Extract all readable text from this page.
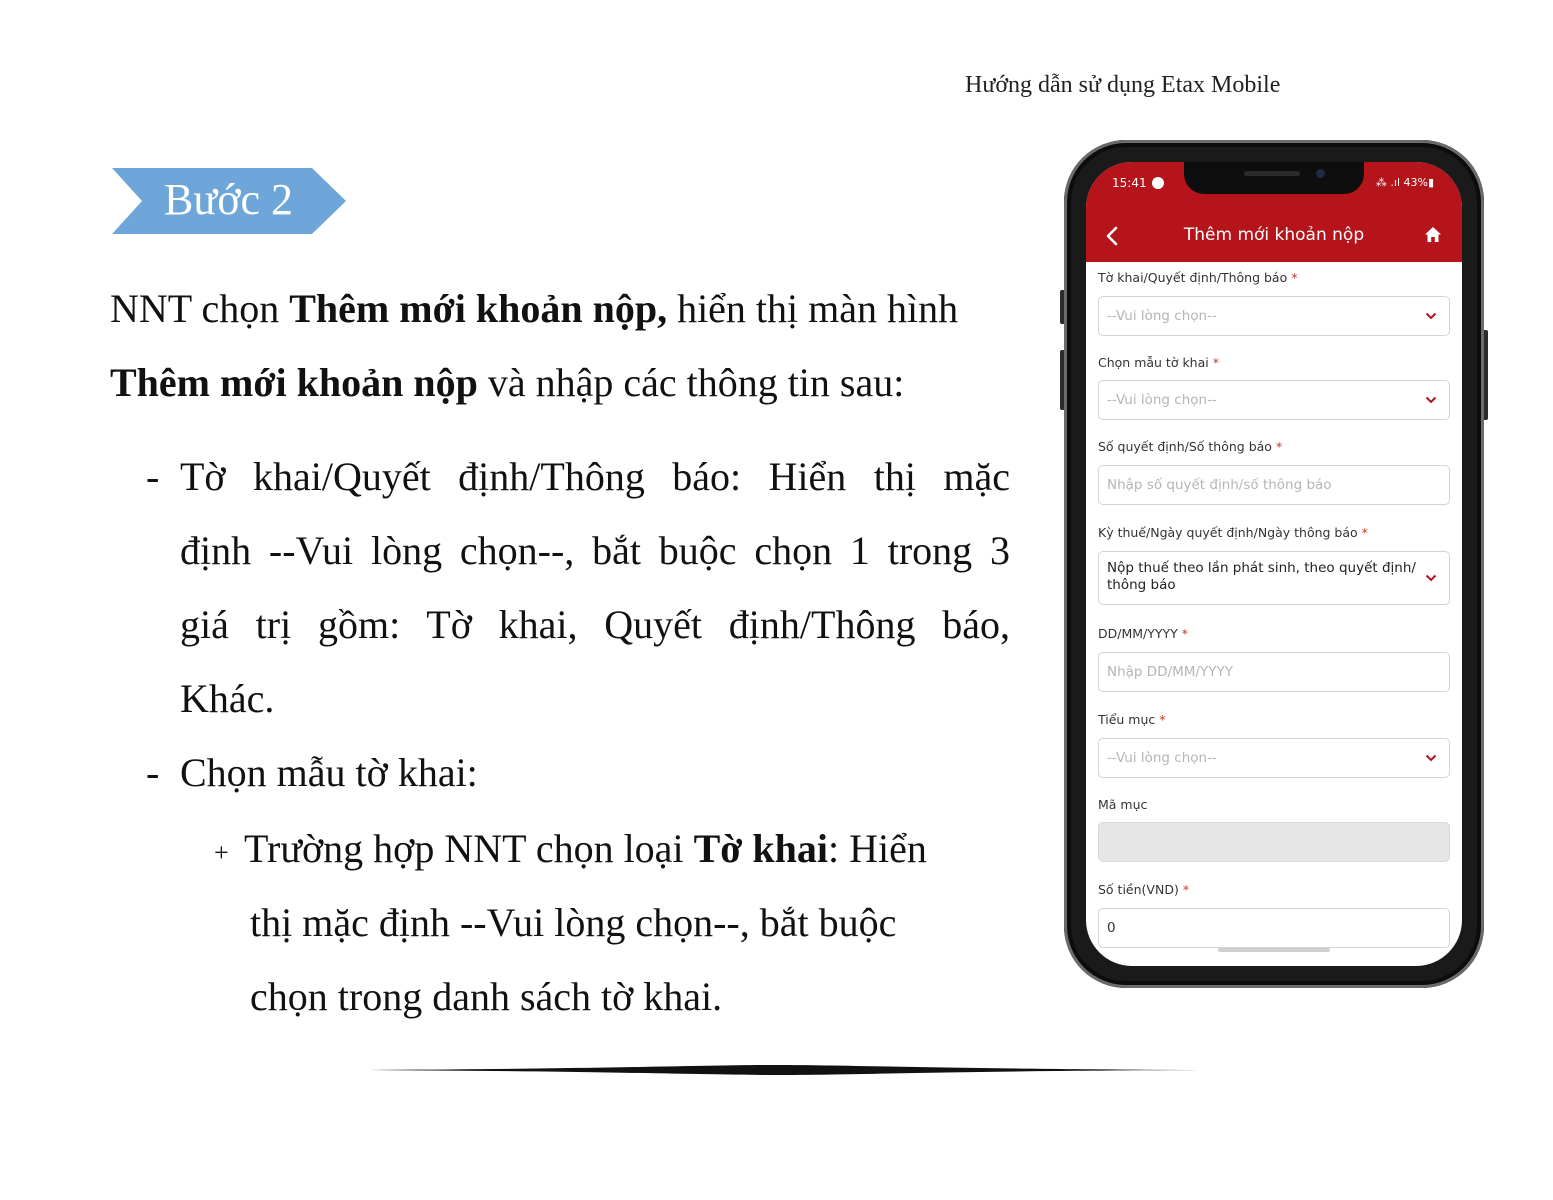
Hướng dẫn sử dụng Etax Mobile
Bước 2
NNT chọn Thêm mới khoản nộp, hiển thị màn hình
Thêm mới khoản nộp và nhập các thông tin sau:
- Tờ khai/Quyết định/Thông báo: Hiển thị mặc
định --Vui lòng chọn--, bắt buộc chọn 1 trong 3
giá trị gồm: Tờ khai, Quyết định/Thông báo,
Khác.
- Chọn mẫu tờ khai:
+ Trường hợp NNT chọn loại Tờ khai: Hiển
thị mặc định --Vui lòng chọn--, bắt buộc
chọn trong danh sách tờ khai.
15:41	⁂ .ıl 43%▮
Thêm mới khoản nộp
Tờ khai/Quyết định/Thông báo *
--Vui lòng chọn--
Chọn mẫu tờ khai *
--Vui lòng chọn--
Số quyết định/Số thông báo *
Nhập số quyết định/số thông báo
Kỳ thuế/Ngày quyết định/Ngày thông báo *
Nộp thuế theo lần phát sinh, theo quyết định/ thông báo
DD/MM/YYYY *
Nhập DD/MM/YYYY
Tiểu mục *
--Vui lòng chọn--
Mã mục
Số tiền(VND) *
0
